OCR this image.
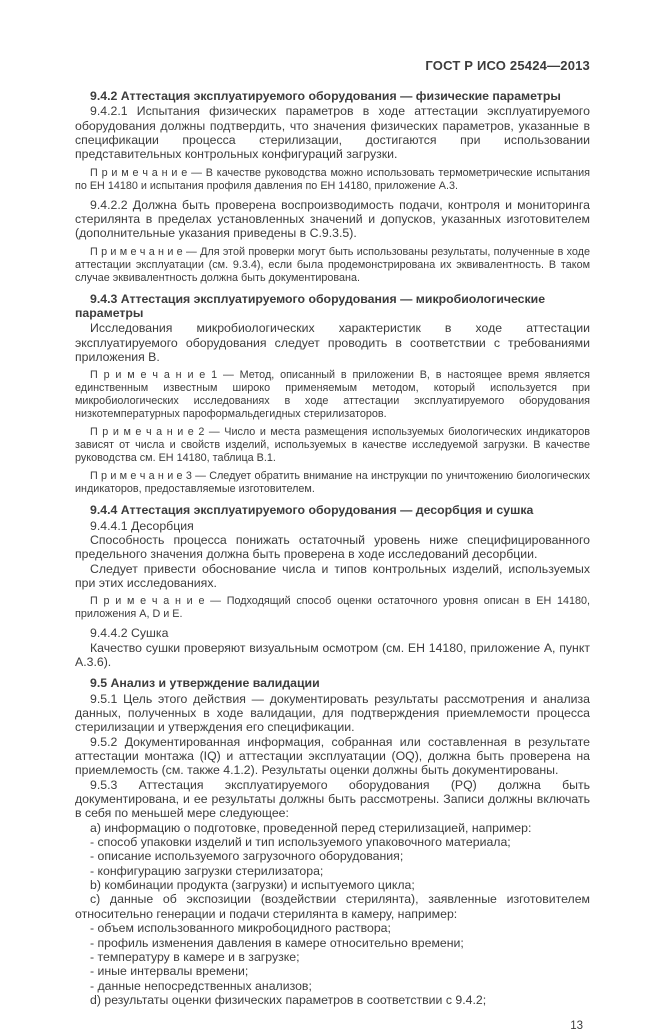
ГОСТ Р ИСО 25424—2013
9.4.2 Аттестация эксплуатируемого оборудования — физические параметры
9.4.2.1 Испытания физических параметров в ходе аттестации эксплуатируемого оборудования должны подтвердить, что значения физических параметров, указанные в спецификации процесса стерилизации, достигаются при использовании представительных контрольных конфигураций загрузки.
П р и м е ч а н и е — В качестве руководства можно использовать термометрические испытания по ЕН 14180 и испытания профиля давления по ЕН 14180, приложение А.3.
9.4.2.2 Должна быть проверена воспроизводимость подачи, контроля и мониторинга стерилянта в пределах установленных значений и допусков, указанных изготовителем (дополнительные указания приведены в С.9.3.5).
П р и м е ч а н и е — Для этой проверки могут быть использованы результаты, полученные в ходе аттестации эксплуатации (см. 9.3.4), если была продемонстрирована их эквивалентность. В таком случае эквивалентность должна быть документирована.
9.4.3 Аттестация эксплуатируемого оборудования — микробиологические параметры
Исследования микробиологических характеристик в ходе аттестации эксплуатируемого оборудования следует проводить в соответствии с требованиями приложения В.
П р и м е ч а н и е 1 — Метод, описанный в приложении В, в настоящее время является единственным известным широко применяемым методом, который используется при микробиологических исследованиях в ходе аттестации эксплуатируемого оборудования низкотемпературных пароформальдегидных стерилизаторов.
П р и м е ч а н и е 2 — Число и места размещения используемых биологических индикаторов зависят от числа и свойств изделий, используемых в качестве исследуемой загрузки. В качестве руководства см. ЕН 14180, таблица В.1.
П р и м е ч а н и е 3 — Следует обратить внимание на инструкции по уничтожению биологических индикаторов, предоставляемые изготовителем.
9.4.4 Аттестация эксплуатируемого оборудования — десорбция и сушка
9.4.4.1 Десорбция
Способность процесса понижать остаточный уровень ниже специфицированного предельного значения должна быть проверена в ходе исследований десорбции.
Следует привести обоснование числа и типов контрольных изделий, используемых при этих исследованиях.
П р и м е ч а н и е — Подходящий способ оценки остаточного уровня описан в ЕН 14180, приложения А, D и Е.
9.4.4.2 Сушка
Качество сушки проверяют визуальным осмотром (см. ЕН 14180, приложение А, пункт А.3.6).
9.5 Анализ и утверждение валидации
9.5.1 Цель этого действия — документировать результаты рассмотрения и анализа данных, полученных в ходе валидации, для подтверждения приемлемости процесса стерилизации и утверждения его спецификации.
9.5.2 Документированная информация, собранная или составленная в результате аттестации монтажа (IQ) и аттестации эксплуатации (OQ), должна быть проверена на приемлемость (см. также 4.1.2). Результаты оценки должны быть документированы.
9.5.3 Аттестация эксплуатируемого оборудования (PQ) должна быть документирована, и ее результаты должны быть рассмотрены. Записи должны включать в себя по меньшей мере следующее:
a) информацию о подготовке, проведенной перед стерилизацией, например:
- способ упаковки изделий и тип используемого упаковочного материала;
- описание используемого загрузочного оборудования;
- конфигурацию загрузки стерилизатора;
b) комбинации продукта (загрузки) и испытуемого цикла;
c) данные об экспозиции (воздействии стерилянта), заявленные изготовителем относительно генерации и подачи стерилянта в камеру, например:
- объем использованного микробоцидного раствора;
- профиль изменения давления в камере относительно времени;
- температуру в камере и в загрузке;
- иные интервалы времени;
- данные непосредственных анализов;
d) результаты оценки физических параметров в соответствии с 9.4.2;
13
